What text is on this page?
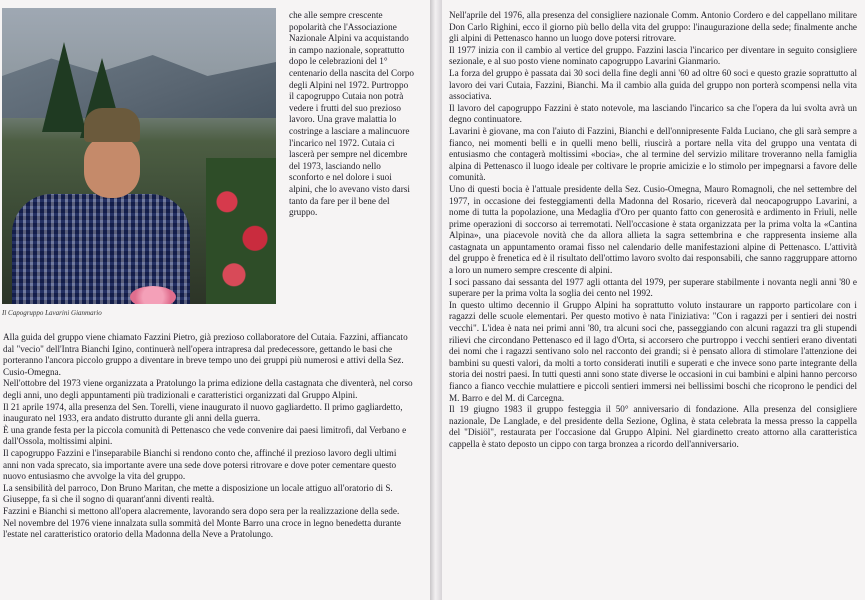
Il Capogruppo Lavarini Gianmario

che alle sempre crescente popolarità che l'Associazione Nazionale Alpini va acquistando in campo nazionale, soprattutto dopo le celebrazioni del 1° centenario della nascita del Corpo degli Alpini nel 1972. Purtroppo il capogruppo Cutaia non potrà vedere i frutti del suo prezioso lavoro. Una grave malattia lo costringe a lasciare a malincuore l'incarico nel 1972. Cutaia ci lascerà per sempre nel dicembre del 1973, lasciando nello sconforto e nel dolore i suoi alpini, che lo avevano visto darsi tanto da fare per il bene del gruppo.

Alla guida del gruppo viene chiamato Fazzini Pietro, già prezioso collaboratore del Cutaia. Fazzini, affiancato dal "vecio" dell'Intra Bianchi Igino, continuerà nell'opera intrapresa dal predecessore, gettando le basi che porteranno l'ancora piccolo gruppo a diventare in breve tempo uno dei gruppi più numerosi e attivi della Sez. Cusio-Omegna.

Nell'ottobre del 1973 viene organizzata a Pratolungo la prima edizione della castagnata che diventerà, nel corso degli anni, uno degli appuntamenti più tradizionali e caratteristici organizzati dal Gruppo Alpini.

Il 21 aprile 1974, alla presenza del Sen. Torelli, viene inaugurato il nuovo gagliardetto. Il primo gagliardetto, inaugurato nel 1933, era andato distrutto durante gli anni della guerra.

È una grande festa per la piccola comunità di Pettenasco che vede convenire dai paesi limitrofi, dal Verbano e dall'Ossola, moltissimi alpini.

Il capogruppo Fazzini e l'inseparabile Bianchi si rendono conto che, affinché il prezioso lavoro degli ultimi anni non vada sprecato, sia importante avere una sede dove potersi ritrovare e dove poter cementare questo nuovo entusiasmo che avvolge la vita del gruppo.

La sensibilità del parroco, Don Bruno Maritan, che mette a disposizione un locale attiguo all'oratorio di S. Giuseppe, fa sì che il sogno di quarant'anni diventi realtà.

Fazzini e Bianchi si mettono all'opera alacremente, lavorando sera dopo sera per la realizzazione della sede. Nel novembre del 1976 viene innalzata sulla sommità del Monte Barro una croce in legno benedetta durante l'estate nel caratteristico oratorio della Madonna della Neve a Pratolungo.

Nell'aprile del 1976, alla presenza del consigliere nazionale Comm. Antonio Cordero e del cappellano militare Don Carlo Righini, ecco il giorno più bello della vita del gruppo: l'inaugurazione della sede; finalmente anche gli alpini di Pettenasco hanno un luogo dove potersi ritrovare.

Il 1977 inizia con il cambio al vertice del gruppo. Fazzini lascia l'incarico per diventare in seguito consigliere sezionale, e al suo posto viene nominato capogruppo Lavarini Gianmario.

La forza del gruppo è passata dai 30 soci della fine degli anni '60 ad oltre 60 soci e questo grazie soprattutto al lavoro dei vari Cutaia, Fazzini, Bianchi. Ma il cambio alla guida del gruppo non porterà scompensi nella vita associativa.

Il lavoro del capogruppo Fazzini è stato notevole, ma lasciando l'incarico sa che l'opera da lui svolta avrà un degno continuatore.

Lavarini è giovane, ma con l'aiuto di Fazzini, Bianchi e dell'onnipresente Falda Luciano, che gli sarà sempre a fianco, nei momenti belli e in quelli meno belli, riuscirà a portare nella vita del gruppo una ventata di entusiasmo che contagerà moltissimi «bocia», che al termine del servizio militare troveranno nella famiglia alpina di Pettenasco il luogo ideale per coltivare le proprie amicizie e lo stimolo per impegnarsi a favore delle comunità.

Uno di questi bocia è l'attuale presidente della Sez. Cusio-Omegna, Mauro Romagnoli, che nel settembre del 1977, in occasione dei festeggiamenti della Madonna del Rosario, riceverà dal neocapogruppo Lavarini, a nome di tutta la popolazione, una Medaglia d'Oro per quanto fatto con generosità e ardimento in Friuli, nelle prime operazioni di soccorso ai terremotati. Nell'occasione è stata organizzata per la prima volta la «Cantina Alpina», una piacevole novità che da allora allieta la sagra settembrina e che rappresenta insieme alla castagnata un appuntamento oramai fisso nel calendario delle manifestazioni alpine di Pettenasco. L'attività del gruppo è frenetica ed è il risultato dell'ottimo lavoro svolto dai responsabili, che sanno raggruppare attorno a loro un numero sempre crescente di alpini.

I soci passano dai sessanta del 1977 agli ottanta del 1979, per superare stabilmente i novanta negli anni '80 e superare per la prima volta la soglia dei cento nel 1992.

In questo ultimo decennio il Gruppo Alpini ha soprattutto voluto instaurare un rapporto particolare con i ragazzi delle scuole elementari. Per questo motivo è nata l'iniziativa: "Con i ragazzi per i sentieri dei nostri vecchi". L'idea è nata nei primi anni '80, tra alcuni soci che, passeggiando con alcuni ragazzi tra gli stupendi rilievi che circondano Pettenasco ed il lago d'Orta, si accorsero che purtroppo i vecchi sentieri erano diventati dei nomi che i ragazzi sentivano solo nel racconto dei grandi; si è pensato allora di stimolare l'attenzione dei bambini su questi valori, da molti a torto considerati inutili e superati e che invece sono parte integrante della storia dei nostri paesi. In tutti questi anni sono state diverse le occasioni in cui bambini e alpini hanno percorso fianco a fianco vecchie mulattiere e piccoli sentieri immersi nei bellissimi boschi che ricoprono le pendici del M. Barro e del M. di Carcegna.

Il 19 giugno 1983 il gruppo festeggia il 50° anniversario di fondazione. Alla presenza del consigliere nazionale, De Langlade, e del presidente della Sezione, Oglina, è stata celebrata la messa presso la cappella del "Disiöl", restaurata per l'occasione dal Gruppo Alpini. Nel giardinetto creato attorno alla caratteristica cappella è stato deposto un cippo con targa bronzea a ricordo dell'anniversario.
